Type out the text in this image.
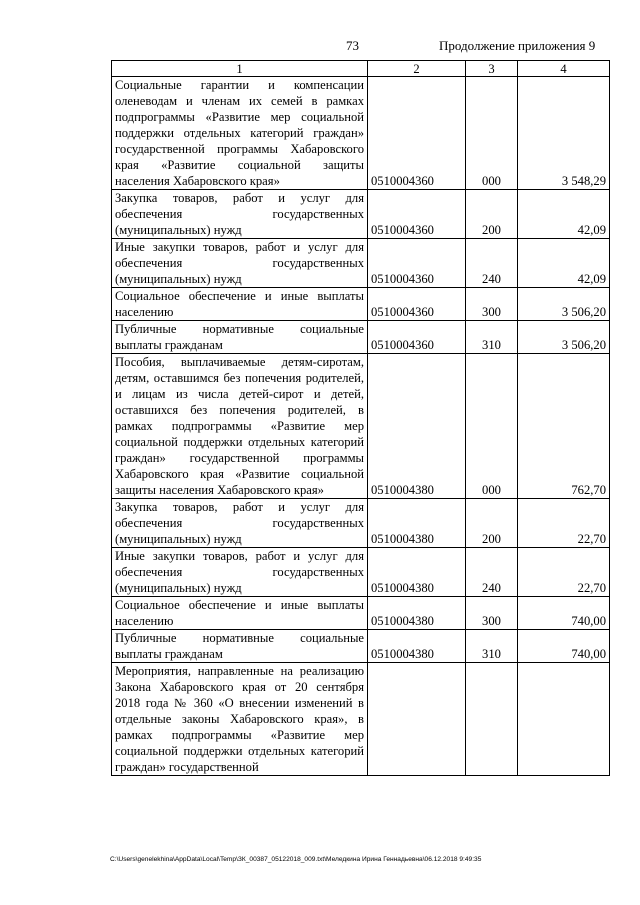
73	Продолжение приложения 9
1	2	3	4
Социальные гарантии и компенсации оленеводам и членам их семей в рамках подпрограммы «Развитие мер социальной поддержки отдельных категорий граждан» государственной программы Хабаровского края «Развитие социальной защиты населения Хабаровского края»	0510004360	000	3 548,29
Закупка товаров, работ и услуг для обеспечения государственных (муниципальных) нужд	0510004360	200	42,09
Иные закупки товаров, работ и услуг для обеспечения государственных (муниципальных) нужд	0510004360	240	42,09
Социальное обеспечение и иные выплаты населению	0510004360	300	3 506,20
Публичные нормативные социальные выплаты гражданам	0510004360	310	3 506,20
Пособия, выплачиваемые детям-сиротам, детям, оставшимся без попечения родителей, и лицам из числа детей-сирот и детей, оставшихся без попечения родителей, в рамках подпрограммы «Развитие мер социальной поддержки отдельных категорий граждан» государственной программы Хабаровского края «Развитие социальной защиты населения Хабаровского края»	0510004380	000	762,70
Закупка товаров, работ и услуг для обеспечения государственных (муниципальных) нужд	0510004380	200	22,70
Иные закупки товаров, работ и услуг для обеспечения государственных (муниципальных) нужд	0510004380	240	22,70
Социальное обеспечение и иные выплаты населению	0510004380	300	740,00
Публичные нормативные социальные выплаты гражданам	0510004380	310	740,00
Мероприятия, направленные на реализацию Закона Хабаровского края от 20 сентября 2018 года № 360 «О внесении изменений в отдельные законы Хабаровского края», в рамках подпрограммы «Развитие мер социальной поддержки отдельных категорий граждан» государственной			
C:\Users\genelekhina\AppData\Local\Temp\ЗК_00387_05122018_009.txt\Меледкина Ирина Геннадьевна\06.12.2018 9:49:35
